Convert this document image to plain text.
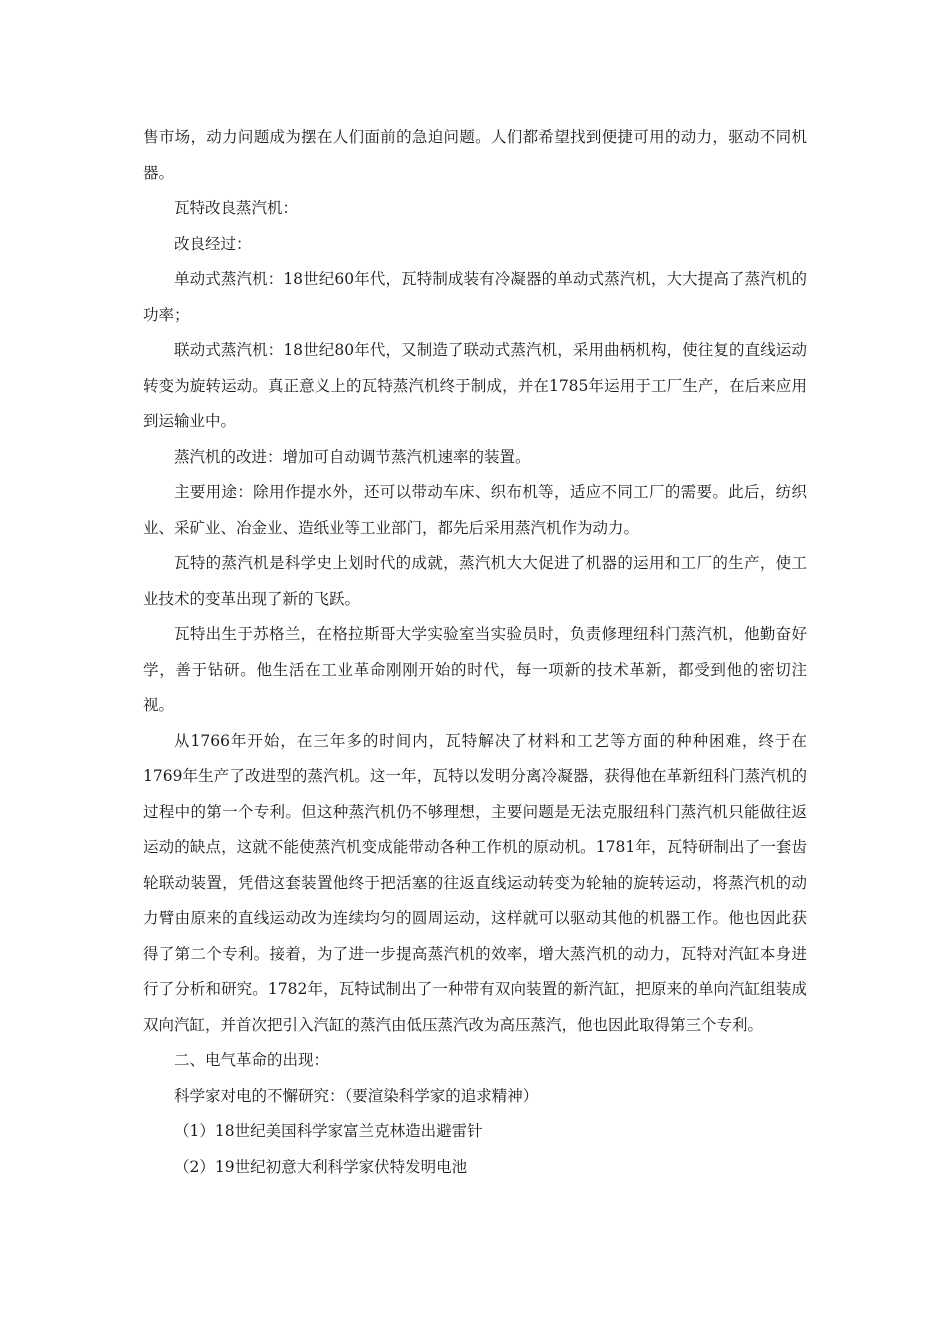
售市场，动力问题成为摆在人们面前的急迫问题。人们都希望找到便捷可用的动力，驱动不同机器。

瓦特改良蒸汽机：

改良经过：

单动式蒸汽机：18世纪60年代，瓦特制成装有冷凝器的单动式蒸汽机，大大提高了蒸汽机的功率；

联动式蒸汽机：18世纪80年代，又制造了联动式蒸汽机，采用曲柄机构，使往复的直线运动转变为旋转运动。真正意义上的瓦特蒸汽机终于制成，并在1785年运用于工厂生产，在后来应用到运输业中。

蒸汽机的改进：增加可自动调节蒸汽机速率的装置。

主要用途：除用作提水外，还可以带动车床、织布机等，适应不同工厂的需要。此后，纺织业、采矿业、冶金业、造纸业等工业部门，都先后采用蒸汽机作为动力。

瓦特的蒸汽机是科学史上划时代的成就，蒸汽机大大促进了机器的运用和工厂的生产，使工业技术的变革出现了新的飞跃。

瓦特出生于苏格兰，在格拉斯哥大学实验室当实验员时，负责修理纽科门蒸汽机，他勤奋好学，善于钻研。他生活在工业革命刚刚开始的时代，每一项新的技术革新，都受到他的密切注视。

从1766年开始，在三年多的时间内，瓦特解决了材料和工艺等方面的种种困难，终于在1769年生产了改进型的蒸汽机。这一年，瓦特以发明分离冷凝器，获得他在革新纽科门蒸汽机的过程中的第一个专利。但这种蒸汽机仍不够理想，主要问题是无法克服纽科门蒸汽机只能做往返运动的缺点，这就不能使蒸汽机变成能带动各种工作机的原动机。1781年，瓦特研制出了一套齿轮联动装置，凭借这套装置他终于把活塞的往返直线运动转变为轮轴的旋转运动，将蒸汽机的动力臂由原来的直线运动改为连续均匀的圆周运动，这样就可以驱动其他的机器工作。他也因此获得了第二个专利。接着，为了进一步提高蒸汽机的效率，增大蒸汽机的动力，瓦特对汽缸本身进行了分析和研究。1782年，瓦特试制出了一种带有双向装置的新汽缸，把原来的单向汽缸组装成双向汽缸，并首次把引入汽缸的蒸汽由低压蒸汽改为高压蒸汽，他也因此取得第三个专利。

二、电气革命的出现：

科学家对电的不懈研究：（要渲染科学家的追求精神）

（1）18世纪美国科学家富兰克林造出避雷针

（2）19世纪初意大利科学家伏特发明电池
